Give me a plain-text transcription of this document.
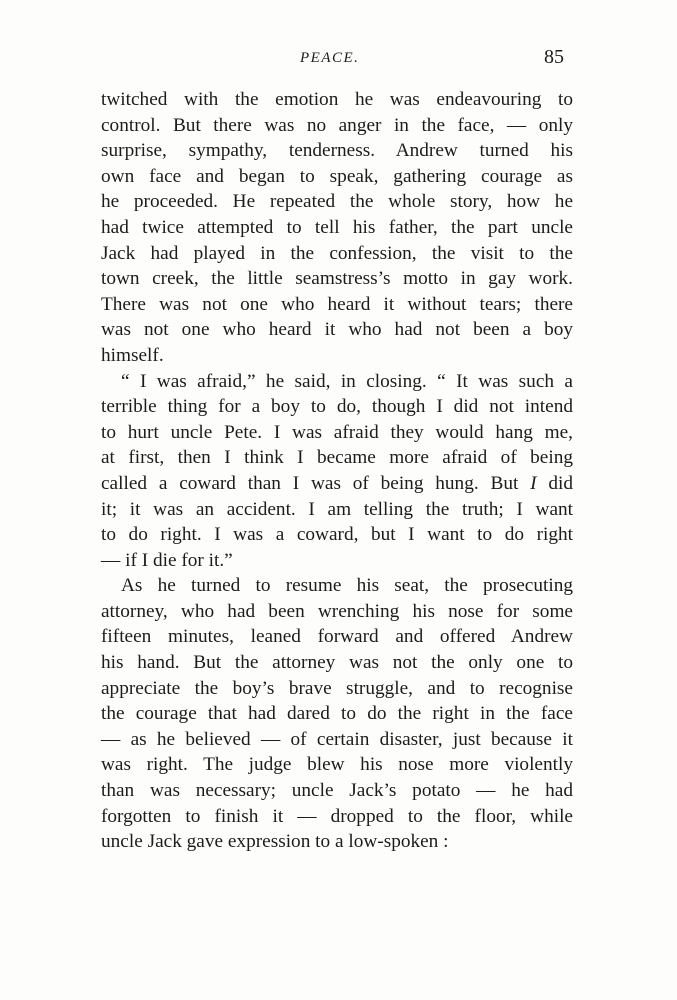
PEACE.	85
twitched with the emotion he was endeavouring to
control. But there was no anger in the face, — only
surprise, sympathy, tenderness. Andrew turned his
own face and began to speak, gathering courage as
he proceeded. He repeated the whole story, how he
had twice attempted to tell his father, the part uncle
Jack had played in the confession, the visit to the
town creek, the little seamstress’s motto in gay work.
There was not one who heard it without tears; there
was not one who heard it who had not been a boy
himself.
“ I was afraid,” he said, in closing. “ It was such a
terrible thing for a boy to do, though I did not intend
to hurt uncle Pete. I was afraid they would hang me,
at first, then I think I became more afraid of being
called a coward than I was of being hung. But I did
it; it was an accident. I am telling the truth; I want
to do right. I was a coward, but I want to do right
— if I die for it.”
As he turned to resume his seat, the prosecuting
attorney, who had been wrenching his nose for some
fifteen minutes, leaned forward and offered Andrew
his hand. But the attorney was not the only one to
appreciate the boy’s brave struggle, and to recognise
the courage that had dared to do the right in the face
— as he believed — of certain disaster, just because it
was right. The judge blew his nose more violently
than was necessary; uncle Jack’s potato — he had
forgotten to finish it — dropped to the floor, while
uncle Jack gave expression to a low-spoken :
